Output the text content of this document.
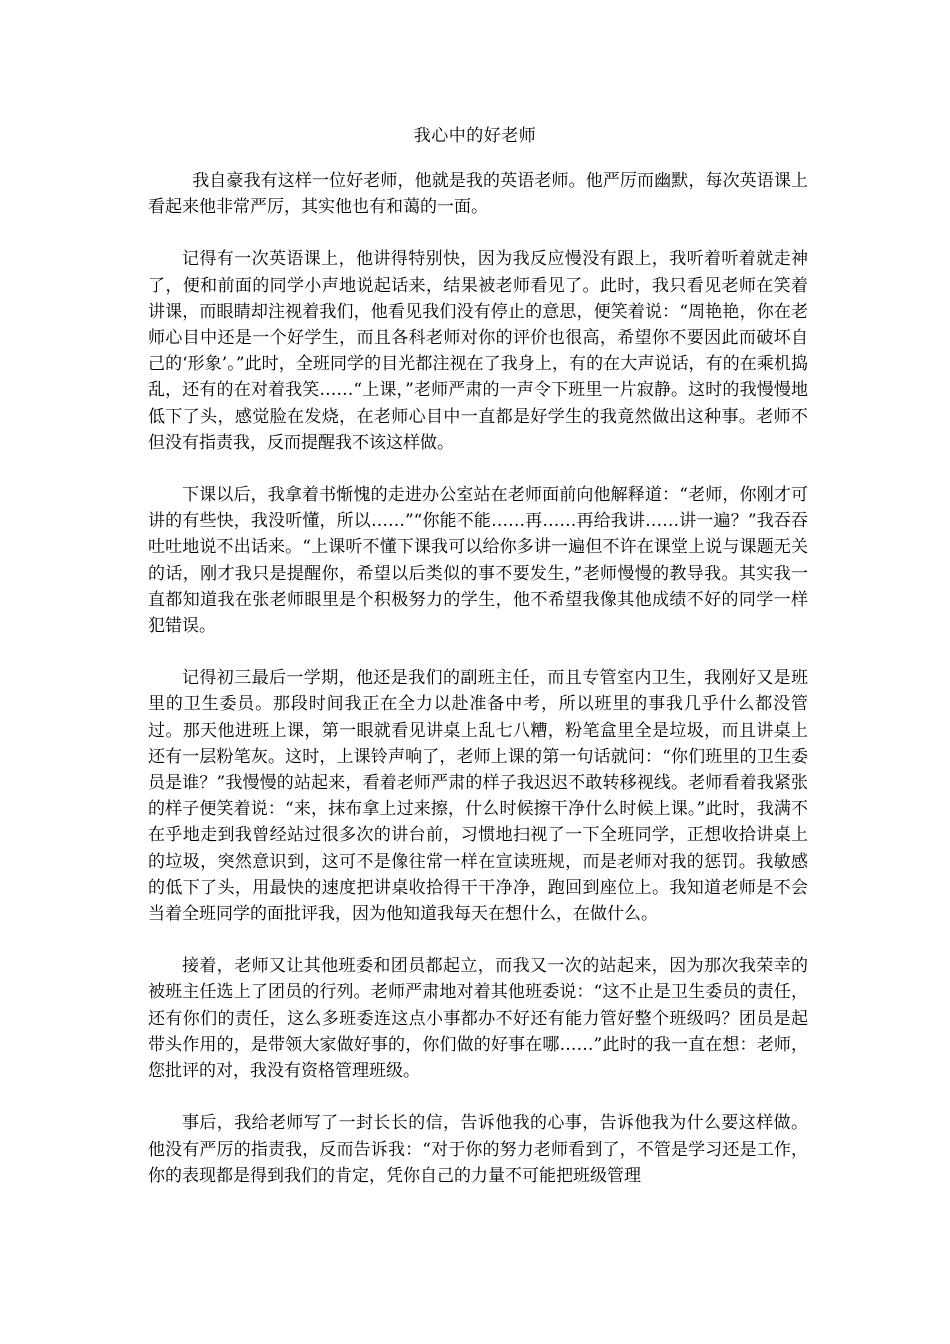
我心中的好老师

我自豪我有这样一位好老师，他就是我的英语老师。他严厉而幽默，每次英语课上看起来他非常严厉，其实他也有和蔼的一面。

记得有一次英语课上，他讲得特别快，因为我反应慢没有跟上，我听着听着就走神了，便和前面的同学小声地说起话来，结果被老师看见了。此时，我只看见老师在笑着讲课，而眼睛却注视着我们，他看见我们没有停止的意思，便笑着说：“周艳艳，你在老师心目中还是一个好学生，而且各科老师对你的评价也很高，希望你不要因此而破坏自己的‘形象’。”此时，全班同学的目光都注视在了我身上，有的在大声说话，有的在乘机捣乱，还有的在对着我笑……“上课，”老师严肃的一声令下班里一片寂静。这时的我慢慢地低下了头，感觉脸在发烧，在老师心目中一直都是好学生的我竟然做出这种事。老师不但没有指责我，反而提醒我不该这样做。

下课以后，我拿着书惭愧的走进办公室站在老师面前向他解释道：“老师，你刚才可讲的有些快，我没听懂，所以……”“你能不能……再……再给我讲……讲一遍？”我吞吞吐吐地说不出话来。“上课听不懂下课我可以给你多讲一遍但不许在课堂上说与课题无关的话，刚才我只是提醒你，希望以后类似的事不要发生，”老师慢慢的教导我。其实我一直都知道我在张老师眼里是个积极努力的学生，他不希望我像其他成绩不好的同学一样犯错误。

记得初三最后一学期，他还是我们的副班主任，而且专管室内卫生，我刚好又是班里的卫生委员。那段时间我正在全力以赴准备中考，所以班里的事我几乎什么都没管过。那天他进班上课，第一眼就看见讲桌上乱七八糟，粉笔盒里全是垃圾，而且讲桌上还有一层粉笔灰。这时，上课铃声响了，老师上课的第一句话就问：“你们班里的卫生委员是谁？”我慢慢的站起来，看着老师严肃的样子我迟迟不敢转移视线。老师看着我紧张的样子便笑着说：“来，抹布拿上过来擦，什么时候擦干净什么时候上课。”此时，我满不在乎地走到我曾经站过很多次的讲台前，习惯地扫视了一下全班同学，正想收拾讲桌上的垃圾，突然意识到，这可不是像往常一样在宣读班规，而是老师对我的惩罚。我敏感的低下了头，用最快的速度把讲桌收拾得干干净净，跑回到座位上。我知道老师是不会当着全班同学的面批评我，因为他知道我每天在想什么，在做什么。

接着，老师又让其他班委和团员都起立，而我又一次的站起来，因为那次我荣幸的被班主任选上了团员的行列。老师严肃地对着其他班委说：“这不止是卫生委员的责任，还有你们的责任，这么多班委连这点小事都办不好还有能力管好整个班级吗？团员是起带头作用的，是带领大家做好事的，你们做的好事在哪……”此时的我一直在想：老师，您批评的对，我没有资格管理班级。

事后，我给老师写了一封长长的信，告诉他我的心事，告诉他我为什么要这样做。他没有严厉的指责我，反而告诉我：“对于你的努力老师看到了，不管是学习还是工作，你的表现都是得到我们的肯定，凭你自己的力量不可能把班级管理
